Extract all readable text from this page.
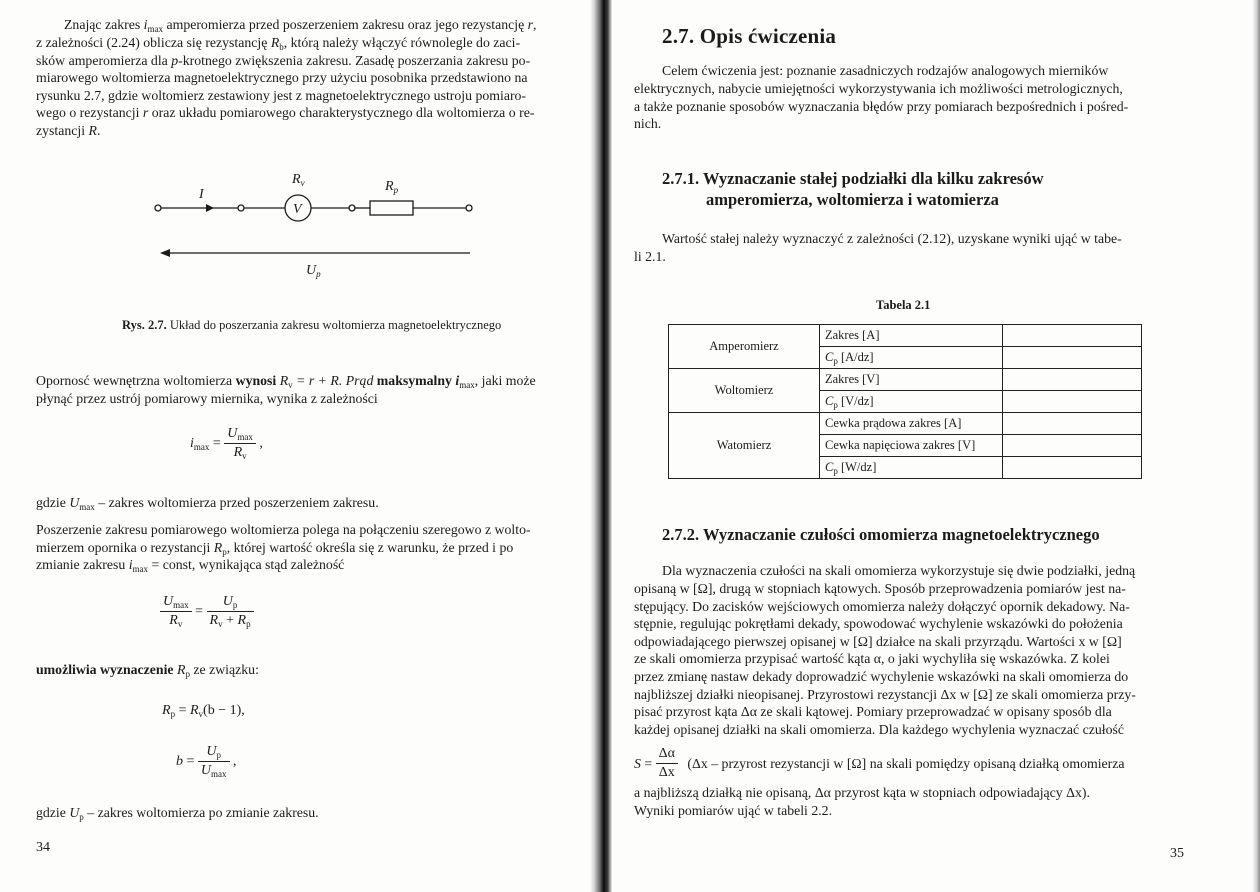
Znając zakres $i_{max}$ amperomierza przed poszerzeniem zakresu oraz jego rezystancję r,
z zależności (2.24) oblicza się rezystancję $R_b$, którą należy włączyć równolegle do zaci-
sków amperomierza dla p-krotnego zwiększenia zakresu. Zasadę poszerzania zakresu po-
miarowego woltomierza magnetoelektrycznego przy użyciu posobnika przedstawiono na
rysunku 2.7, gdzie woltomierz zestawiony jest z magnetoelektrycznego ustroju pomiaro-
wego o rezystancji r oraz układu pomiarowego charakterystycznego dla woltomierza o re-
zystancji R.
I
$R_v$
V
$R_p$
$U_p$
Rys. 2.7. Układ do poszerzania zakresu woltomierza magnetoelektrycznego
Opornosć wewnętrzna woltomierza wynosi $R_v = r + R$. Prąd maksymalny $i_{max}$, jaki może
płynąć przez ustrój pomiarowy miernika, wynika z zależności
$i_{max} = \frac{U_{max}}{R_v}$ ,
gdzie $U_{max}$ – zakres woltomierza przed poszerzeniem zakresu.
Poszerzenie zakresu pomiarowego woltomierza polega na połączeniu szeregowo z wolto-
mierzem opornika o rezystancji $R_p$, której wartość określa się z warunku, że przed i po
zmianie zakresu $i_{max}$ = const, wynikająca stąd zależność
$\frac{U_{max}}{R_v} = \frac{U_p}{R_v + R_p}$
umożliwia wyznaczenie $R_p$ ze związku:
$R_p = R_v(b - 1)$,
$b = \frac{U_p}{U_{max}}$ ,
gdzie $U_p$ – zakres woltomierza po zmianie zakresu.
34
2.7. Opis ćwiczenia
Celem ćwiczenia jest: poznanie zasadniczych rodzajów analogowych mierników
elektrycznych, nabycie umiejętności wykorzystywania ich możliwości metrologicznych,
a także poznanie sposobów wyznaczania błędów przy pomiarach bezpośrednich i pośred-
nich.
2.7.1. Wyznaczanie stałej podziałki dla kilku zakresów
amperomierza, woltomierza i watomierza
Wartość stałej należy wyznaczyć z zależności (2.12), uzyskane wyniki ująć w tabe-
li 2.1.
Tabela 2.1
Amperomierz	Zakres [A]	
	$C_p$ [A/dz]	
Woltomierz	Zakres [V]	
	$C_p$ [V/dz]	
Watomierz	Cewka prądowa zakres [A]	
	Cewka napięciowa zakres [V]	
	$C_p$ [W/dz]	
2.7.2. Wyznaczanie czułości omomierza magnetoelektrycznego
Dla wyznaczenia czułości na skali omomierza wykorzystuje się dwie podziałki, jedną
opisaną w [Ω], drugą w stopniach kątowych. Sposób przeprowadzenia pomiarów jest na-
stępujący. Do zacisków wejściowych omomierza należy dołączyć opornik dekadowy. Na-
stępnie, regulując pokrętłami dekady, spowodować wychylenie wskazówki do położenia
odpowiadającego pierwszej opisanej w [Ω] działce na skali przyrządu. Wartości x w [Ω]
ze skali omomierza przypisać wartość kąta α, o jaki wychyliła się wskazówka. Z kolei
przez zmianę nastaw dekady doprowadzić wychylenie wskazówki na skali omomierza do
najbliższej działki nieopisanej. Przyrostowi rezystancji Δx w [Ω] ze skali omomierza przy-
pisać przyrost kąta Δα ze skali kątowej. Pomiary przeprowadzać w opisany sposób dla
każdej opisanej działki na skali omomierza. Dla każdego wychylenia wyznaczać czułość
$S = \frac{\Delta\alpha}{\Delta x} (\Delta x$ – przyrost rezystancji w [Ω] na skali pomiędzy opisaną działką omomierza
a najbliższą działką nie opisaną, Δα przyrost kąta w stopniach odpowiadający Δx).
Wyniki pomiarów ująć w tabeli 2.2.
35
